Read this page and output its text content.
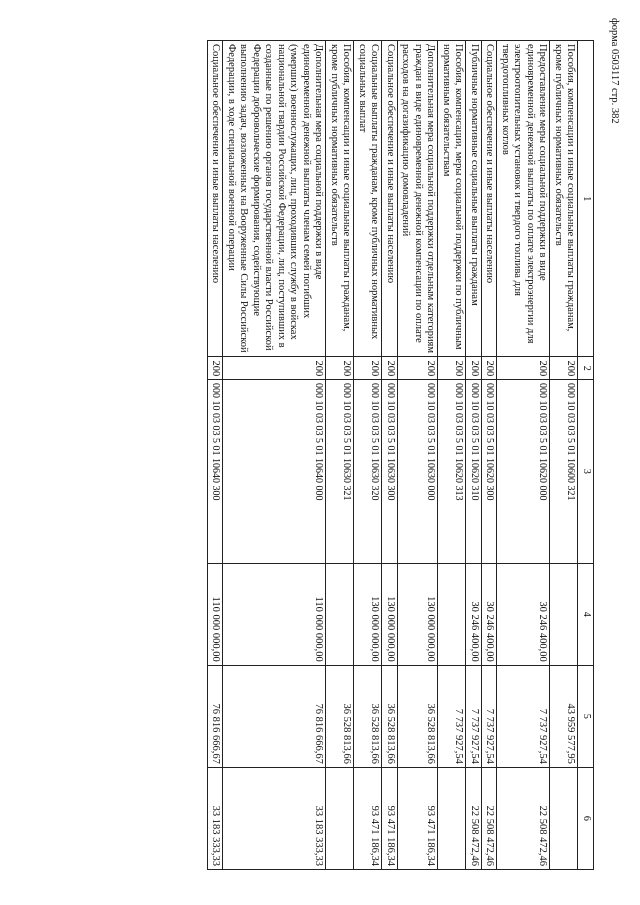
форма 0503117 стр. 382
1	2	3	4	5	6
Пособия, компенсации и иные социальные выплаты гражданам, кроме публичных нормативных обязательств	200	000 10 03 03 5 01 10600 321		43 959 577,95	
Предоставление меры социальной поддержки в виде единовременной денежной выплаты по оплате электроэнергии для электроотопительных установок и твердого топлива для твердотопливных котлов	200	000 10 03 03 5 01 10620 000	30 246 400,00	7 737 927,54	22 508 472,46
Социальное обеспечение и иные выплаты населению	200	000 10 03 03 5 01 10620 300	30 246 400,00	7 737 927,54	22 508 472,46
Публичные нормативные социальные выплаты гражданам	200	000 10 03 03 5 01 10620 310	30 246 400,00	7 737 927,54	22 508 472,46
Пособия, компенсации, меры социальной поддержки по публичным нормативным обязательствам	200	000 10 03 03 5 01 10620 313		7 737 927,54	
Дополнительная мера социальной поддержки отдельным категориям граждан в виде единовременной денежной компенсации по оплате расходов на догазификацию домовладений	200	000 10 03 03 5 01 10630 000	130 000 000,00	36 528 813,66	93 471 186,34
Социальное обеспечение и иные выплаты населению	200	000 10 03 03 5 01 10630 300	130 000 000,00	36 528 813,66	93 471 186,34
Социальные выплаты гражданам, кроме публичных нормативных социальных выплат	200	000 10 03 03 5 01 10630 320	130 000 000,00	36 528 813,66	93 471 186,34
Пособия, компенсации и иные социальные выплаты гражданам, кроме публичных нормативных обязательств	200	000 10 03 03 5 01 10630 321		36 528 813,66	
Дополнительная мера социальной поддержки в виде единовременной денежной выплаты членам семей погибших (умерших) военнослужащих, лиц, проходивших службу в войсках национальной гвардии Российской Федерации, лиц, поступивших в созданные по решению органов государственной власти Российской Федерации добровольческие формирования, содействующие выполнению задач, возложенных на Вооруженные Силы Российской Федерации, в ходе специальной военной операции	200	000 10 03 03 5 01 10640 000	110 000 000,00	76 816 666,67	33 183 333,33
Социальное обеспечение и иные выплаты населению	200	000 10 03 03 5 01 10640 300	110 000 000,00	76 816 666,67	33 183 333,33
